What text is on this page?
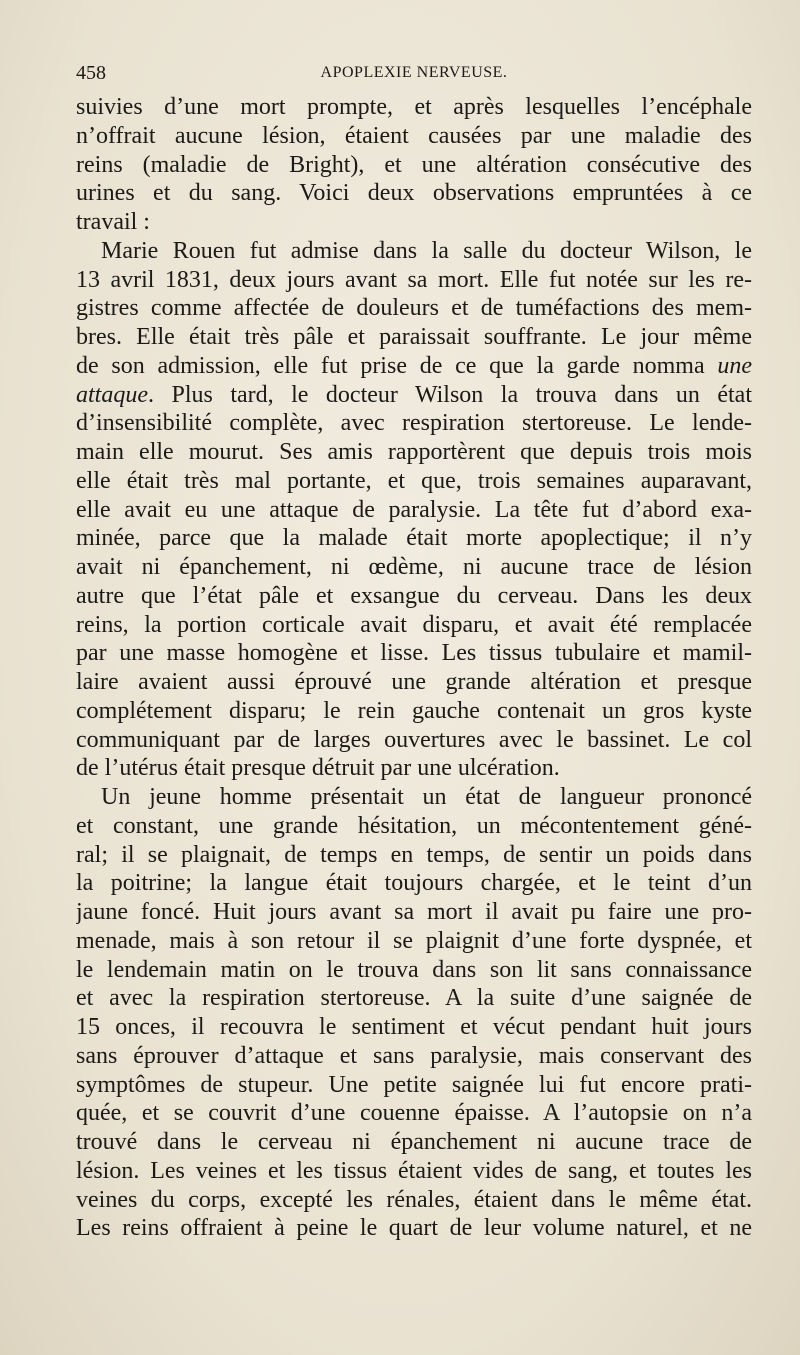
458	APOPLEXIE NERVEUSE.
suivies d’une mort prompte, et après lesquelles l’encéphale
n’offrait aucune lésion, étaient causées par une maladie des
reins (maladie de Bright), et une altération consécutive des
urines et du sang. Voici deux observations empruntées à ce
travail :
Marie Rouen fut admise dans la salle du docteur Wilson, le
13 avril 1831, deux jours avant sa mort. Elle fut notée sur les re-
gistres comme affectée de douleurs et de tuméfactions des mem-
bres. Elle était très pâle et paraissait souffrante. Le jour même
de son admission, elle fut prise de ce que la garde nomma une
attaque. Plus tard, le docteur Wilson la trouva dans un état
d’insensibilité complète, avec respiration stertoreuse. Le lende-
main elle mourut. Ses amis rapportèrent que depuis trois mois
elle était très mal portante, et que, trois semaines auparavant,
elle avait eu une attaque de paralysie. La tête fut d’abord exa-
minée, parce que la malade était morte apoplectique; il n’y
avait ni épanchement, ni œdème, ni aucune trace de lésion
autre que l’état pâle et exsangue du cerveau. Dans les deux
reins, la portion corticale avait disparu, et avait été remplacée
par une masse homogène et lisse. Les tissus tubulaire et mamil-
laire avaient aussi éprouvé une grande altération et presque
complétement disparu; le rein gauche contenait un gros kyste
communiquant par de larges ouvertures avec le bassinet. Le col
de l’utérus était presque détruit par une ulcération.
Un jeune homme présentait un état de langueur prononcé
et constant, une grande hésitation, un mécontentement géné-
ral; il se plaignait, de temps en temps, de sentir un poids dans
la poitrine; la langue était toujours chargée, et le teint d’un
jaune foncé. Huit jours avant sa mort il avait pu faire une pro-
menade, mais à son retour il se plaignit d’une forte dyspnée, et
le lendemain matin on le trouva dans son lit sans connaissance
et avec la respiration stertoreuse. A la suite d’une saignée de
15 onces, il recouvra le sentiment et vécut pendant huit jours
sans éprouver d’attaque et sans paralysie, mais conservant des
symptômes de stupeur. Une petite saignée lui fut encore prati-
quée, et se couvrit d’une couenne épaisse. A l’autopsie on n’a
trouvé dans le cerveau ni épanchement ni aucune trace de
lésion. Les veines et les tissus étaient vides de sang, et toutes les
veines du corps, excepté les rénales, étaient dans le même état.
Les reins offraient à peine le quart de leur volume naturel, et ne
